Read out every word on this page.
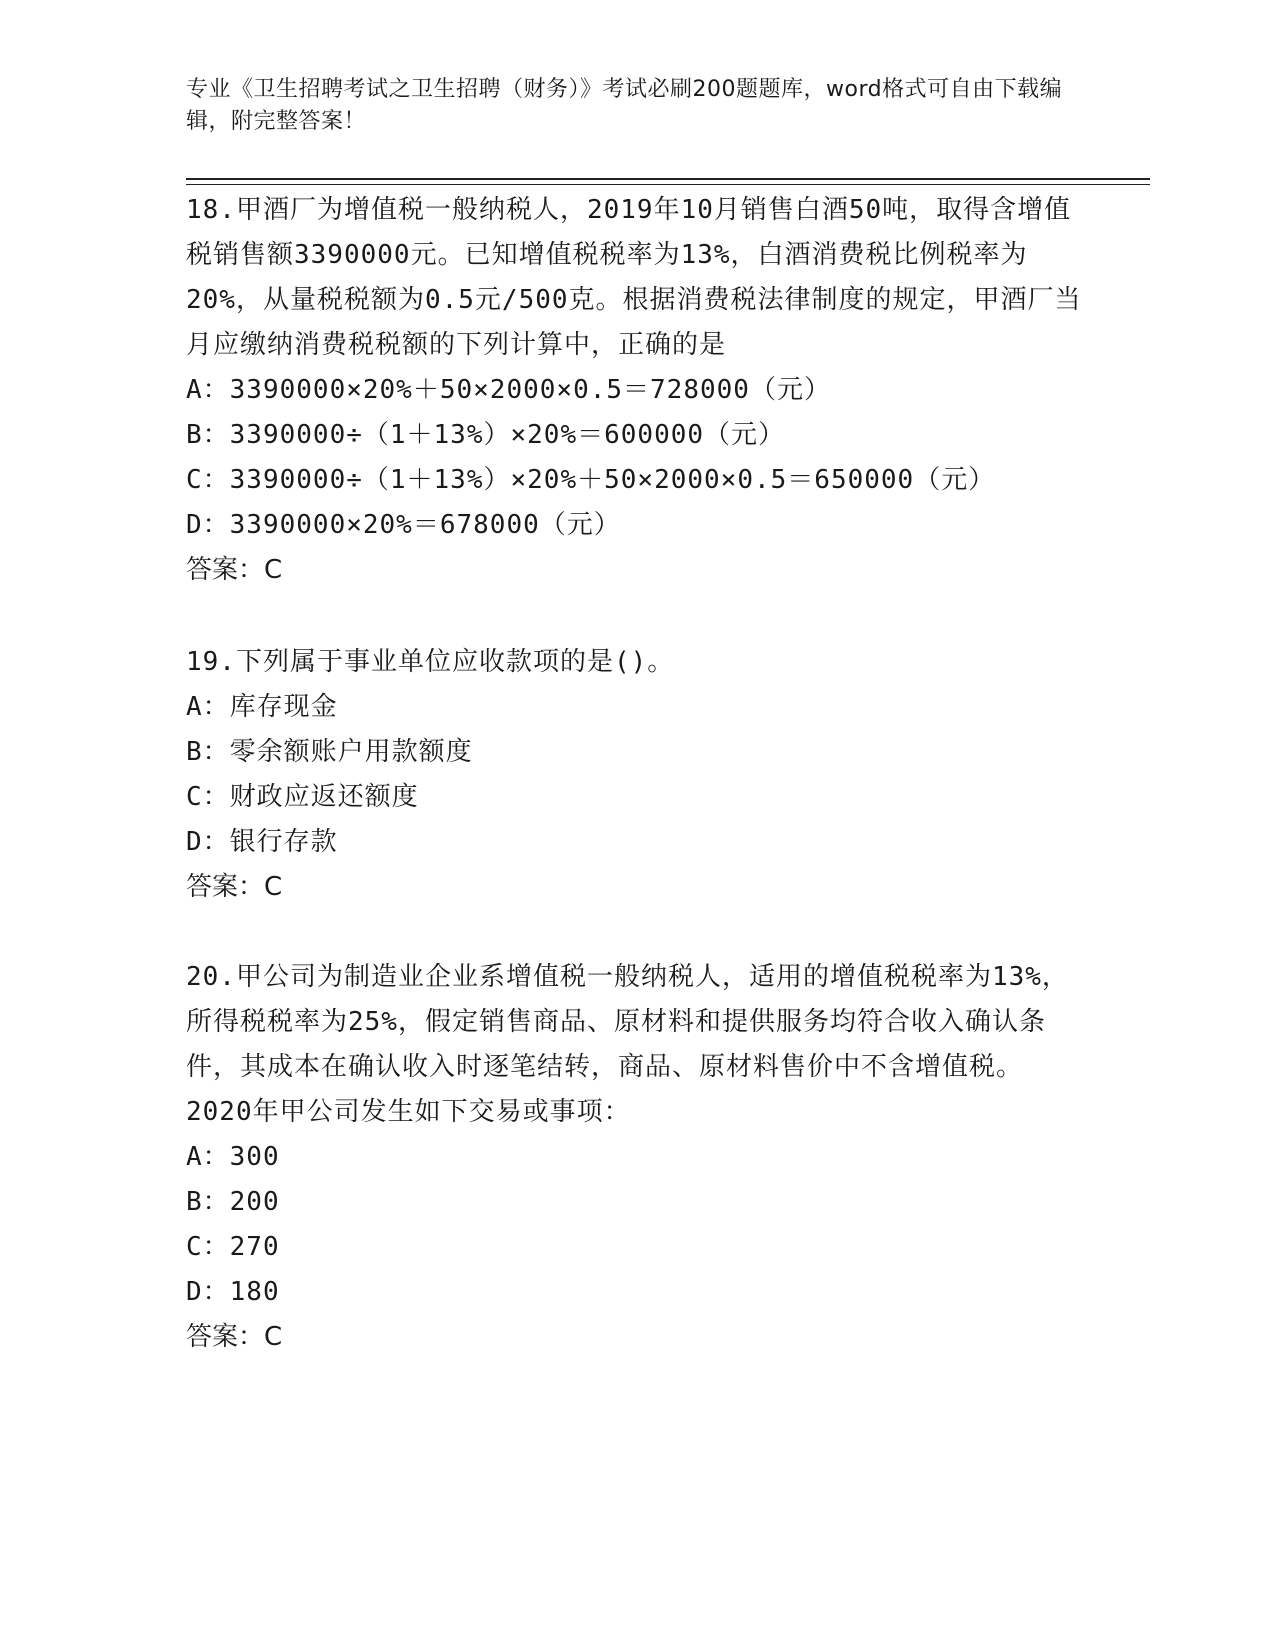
专业《卫生招聘考试之卫生招聘（财务）》考试必刷200题题库，word格式可自由下载编辑，附完整答案！

18.甲酒厂为增值税一般纳税人，2019年10月销售白酒50吨，取得含增值税销售额3390000元。已知增值税税率为13%，白酒消费税比例税率为20%，从量税税额为0.5元/500克。根据消费税法律制度的规定，甲酒厂当月应缴纳消费税税额的下列计算中，正确的是

A：3390000×20%＋50×2000×0.5＝728000（元）
B：3390000÷（1＋13%）×20%＝600000（元）
C：3390000÷（1＋13%）×20%＋50×2000×0.5＝650000（元）
D：3390000×20%＝678000（元）
答案：C

19.下列属于事业单位应收款项的是()。

A：库存现金
B：零余额账户用款额度
C：财政应返还额度
D：银行存款
答案：C

20.甲公司为制造业企业系增值税一般纳税人，适用的增值税税率为13%，所得税税率为25%，假定销售商品、原材料和提供服务均符合收入确认条件，其成本在确认收入时逐笔结转，商品、原材料售价中不含增值税。2020年甲公司发生如下交易或事项：

A：300
B：200
C：270
D：180
答案：C
